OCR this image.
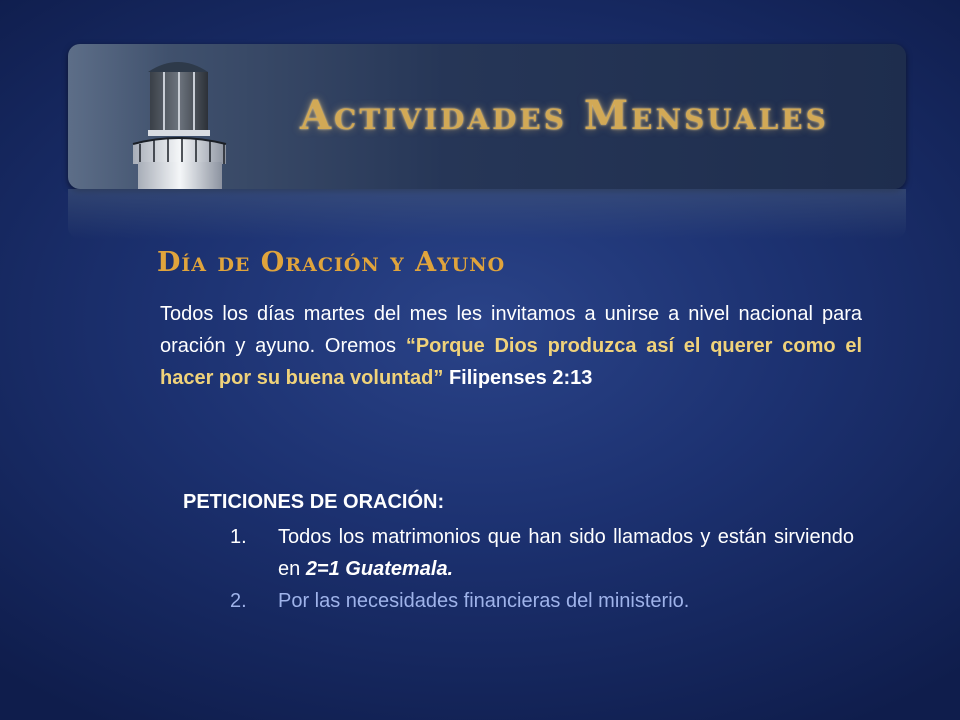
Actividades Mensuales
Día de Oración y Ayuno
Todos los días martes del mes les invitamos a unirse a nivel nacional para oración y ayuno. Oremos “Porque Dios produzca así el querer como el hacer por su buena voluntad” Filipenses 2:13
PETICIONES DE ORACIÓN:
1. Todos los matrimonios que han sido llamados y están sirviendo en 2=1 Guatemala.
2. Por las necesidades financieras del ministerio.
